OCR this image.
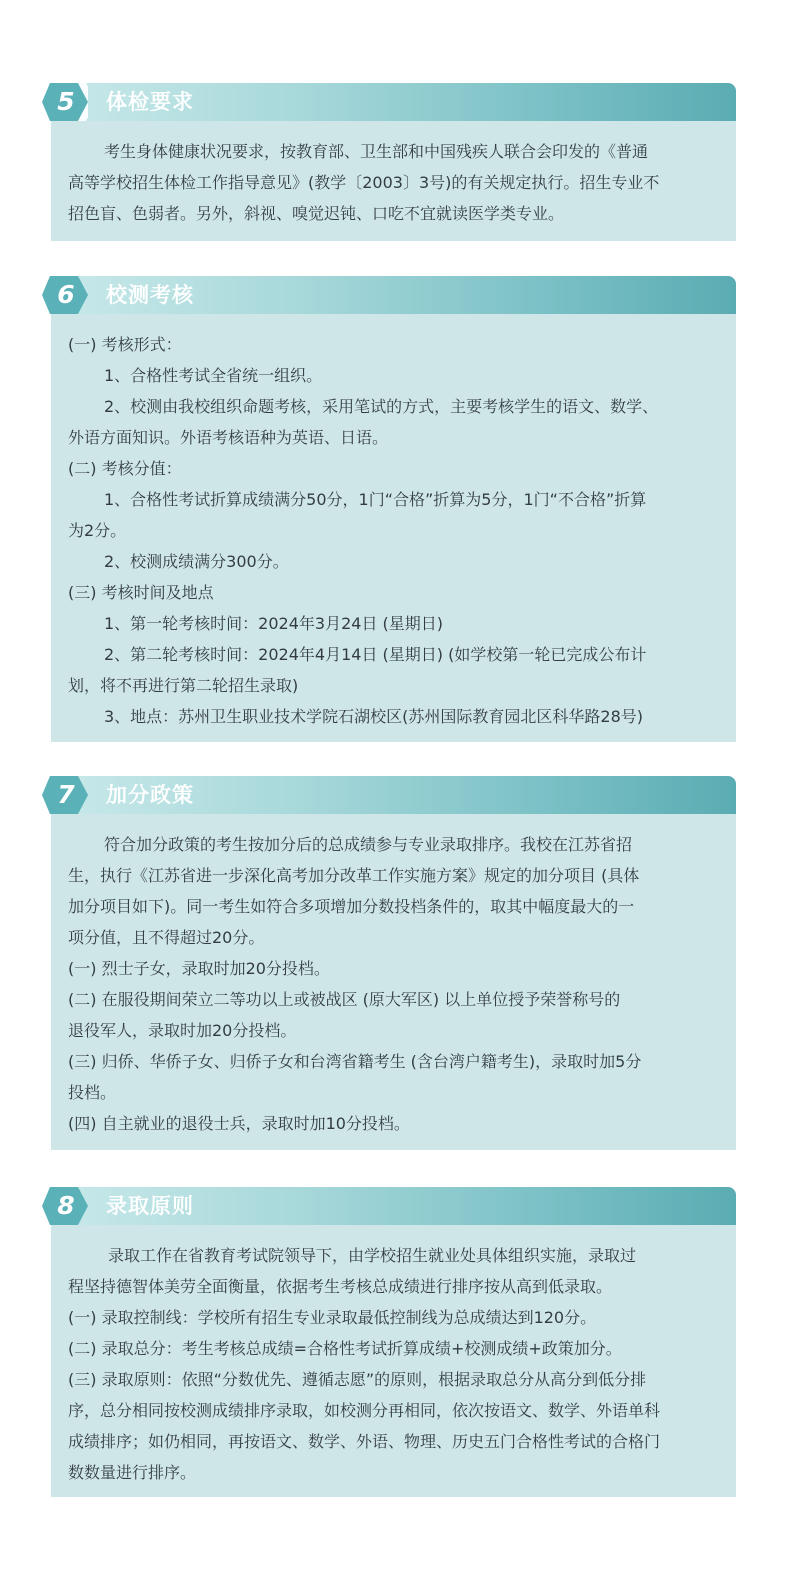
5 体检要求
考生身体健康状况要求，按教育部、卫生部和中国残疾人联合会印发的《普通
高等学校招生体检工作指导意见》(教学〔2003〕3号)的有关规定执行。招生专业不
招色盲、色弱者。另外，斜视、嗅觉迟钝、口吃不宜就读医学类专业。
6 校测考核
(一) 考核形式：
1、合格性考试全省统一组织。
2、校测由我校组织命题考核，采用笔试的方式，主要考核学生的语文、数学、
外语方面知识。外语考核语种为英语、日语。
(二) 考核分值：
1、合格性考试折算成绩满分50分，1门“合格”折算为5分，1门“不合格”折算
为2分。
2、校测成绩满分300分。
(三) 考核时间及地点
1、第一轮考核时间：2024年3月24日 (星期日)
2、第二轮考核时间：2024年4月14日 (星期日) (如学校第一轮已完成公布计
划，将不再进行第二轮招生录取)
3、地点：苏州卫生职业技术学院石湖校区(苏州国际教育园北区科华路28号)
7 加分政策
符合加分政策的考生按加分后的总成绩参与专业录取排序。我校在江苏省招
生，执行《江苏省进一步深化高考加分改革工作实施方案》规定的加分项目 (具体
加分项目如下)。同一考生如符合多项增加分数投档条件的，取其中幅度最大的一
项分值，且不得超过20分。
(一) 烈士子女，录取时加20分投档。
(二) 在服役期间荣立二等功以上或被战区 (原大军区) 以上单位授予荣誉称号的
退役军人，录取时加20分投档。
(三) 归侨、华侨子女、归侨子女和台湾省籍考生 (含台湾户籍考生)，录取时加5分
投档。
(四) 自主就业的退役士兵，录取时加10分投档。
8 录取原则
录取工作在省教育考试院领导下，由学校招生就业处具体组织实施，录取过
程坚持德智体美劳全面衡量，依据考生考核总成绩进行排序按从高到低录取。
(一) 录取控制线：学校所有招生专业录取最低控制线为总成绩达到120分。
(二) 录取总分：考生考核总成绩=合格性考试折算成绩+校测成绩+政策加分。
(三) 录取原则：依照“分数优先、遵循志愿”的原则，根据录取总分从高分到低分排
序，总分相同按校测成绩排序录取，如校测分再相同，依次按语文、数学、外语单科
成绩排序；如仍相同，再按语文、数学、外语、物理、历史五门合格性考试的合格门
数数量进行排序。
